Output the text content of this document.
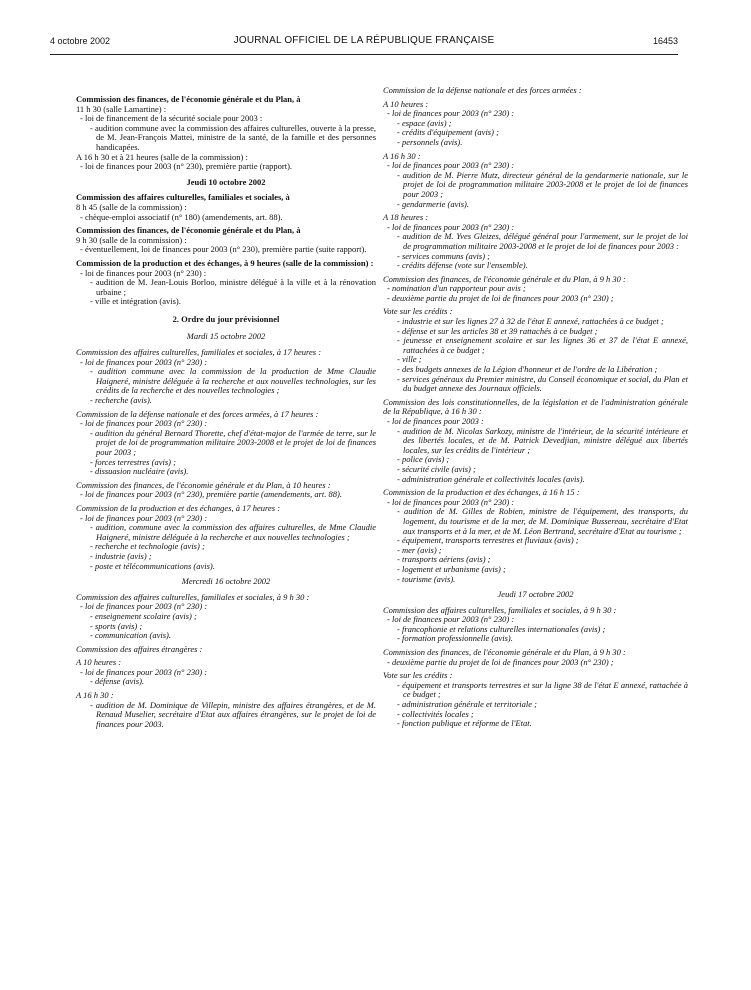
4 octobre 2002	JOURNAL OFFICIEL DE LA RÉPUBLIQUE FRANÇAISE	16453

Commission des finances, de l'économie générale et du Plan, à

11 h 30 (salle Lamartine) :

- loi de financement de la sécurité sociale pour 2003 :

- audition commune avec la commission des affaires culturelles, ouverte à la presse, de M. Jean-François Mattei, ministre de la santé, de la famille et des personnes handicapées.

A 16 h 30 et à 21 heures (salle de la commission) :

- loi de finances pour 2003 (n° 230), première partie (rapport).

Jeudi 10 octobre 2002

Commission des affaires culturelles, familiales et sociales, à

8 h 45 (salle de la commission) :

- chèque-emploi associatif (n° 180) (amendements, art. 88).

Commission des finances, de l'économie générale et du Plan, à

9 h 30 (salle de la commission) :

- éventuellement, loi de finances pour 2003 (n° 230), première partie (suite rapport).

Commission de la production et des échanges, à 9 heures (salle de la commission) :

- loi de finances pour 2003 (n° 230) :

- audition de M. Jean-Louis Borloo, ministre délégué à la ville et à la rénovation urbaine ;

- ville et intégration (avis).

2. Ordre du jour prévisionnel

Mardi 15 octobre 2002

Commission des affaires culturelles, familiales et sociales, à 17 heures :

- loi de finances pour 2003 (n° 230) :

- audition commune avec la commission de la production de Mme Claudie Haigneré, ministre déléguée à la recherche et aux nouvelles technologies, sur les crédits de la recherche et des nouvelles technologies ;

- recherche (avis).

Commission de la défense nationale et des forces armées, à 17 heures :

- loi de finances pour 2003 (n° 230) :

- audition du général Bernard Thorette, chef d'état-major de l'armée de terre, sur le projet de loi de programmation militaire 2003-2008 et le projet de loi de finances pour 2003 ;

- forces terrestres (avis) ;

- dissuasion nucléaire (avis).

Commission des finances, de l'économie générale et du Plan, à 10 heures :

- loi de finances pour 2003 (n° 230), première partie (amendements, art. 88).

Commission de la production et des échanges, à 17 heures :

- loi de finances pour 2003 (n° 230) :

- audition, commune avec la commission des affaires culturelles, de Mme Claudie Haigneré, ministre déléguée à la recherche et aux nouvelles technologies ;

- recherche et technologie (avis) ;

- industrie (avis) ;

- poste et télécommunications (avis).

Mercredi 16 octobre 2002

Commission des affaires culturelles, familiales et sociales, à 9 h 30 :

- loi de finances pour 2003 (n° 230) :

- enseignement scolaire (avis) ;

- sports (avis) ;

- communication (avis).

Commission des affaires étrangères :

A 10 heures :

- loi de finances pour 2003 (n° 230) :

- défense (avis).

A 16 h 30 :

- audition de M. Dominique de Villepin, ministre des affaires étrangères, et de M. Renaud Muselier, secrétaire d'Etat aux affaires étrangères, sur le projet de loi de finances pour 2003.

Commission de la défense nationale et des forces armées :

A 10 heures :

- loi de finances pour 2003 (n° 230) :

- espace (avis) ;

- crédits d'équipement (avis) ;

- personnels (avis).

A 16 h 30 :

- loi de finances pour 2003 (n° 230) :

- audition de M. Pierre Mutz, directeur général de la gendarmerie nationale, sur le projet de loi de programmation militaire 2003-2008 et le projet de loi de finances pour 2003 ;

- gendarmerie (avis).

A 18 heures :

- loi de finances pour 2003 (n° 230) :

- audition de M. Yves Gleizes, délégué général pour l'armement, sur le projet de loi de programmation militaire 2003-2008 et le projet de loi de finances pour 2003 :

- services communs (avis) ;

- crédits défense (vote sur l'ensemble).

Commission des finances, de l'économie générale et du Plan, à 9 h 30 :

- nomination d'un rapporteur pour avis ;

- deuxième partie du projet de loi de finances pour 2003 (n° 230) ;

Vote sur les crédits :

- industrie et sur les lignes 27 à 32 de l'état E annexé, rattachées à ce budget ;

- défense et sur les articles 38 et 39 rattachés à ce budget ;

- jeunesse et enseignement scolaire et sur les lignes 36 et 37 de l'état E annexé, rattachées à ce budget ;

- ville ;

- des budgets annexes de la Légion d'honneur et de l'ordre de la Libération ;

- services généraux du Premier ministre, du Conseil économique et social, du Plan et du budget annexe des Journaux officiels.

Commission des lois constitutionnelles, de la législation et de l'administration générale de la République, à 16 h 30 :

- loi de finances pour 2003 :

- audition de M. Nicolas Sarkozy, ministre de l'intérieur, de la sécurité intérieure et des libertés locales, et de M. Patrick Devedjian, ministre délégué aux libertés locales, sur les crédits de l'intérieur ;

- police (avis) ;

- sécurité civile (avis) ;

- administration générale et collectivités locales (avis).

Commission de la production et des échanges, à 16 h 15 :

- loi de finances pour 2003 (n° 230) :

- audition de M. Gilles de Robien, ministre de l'équipement, des transports, du logement, du tourisme et de la mer, de M. Dominique Bussereau, secrétaire d'Etat aux transports et à la mer, et de M. Léon Bertrand, secrétaire d'Etat au tourisme ;

- équipement, transports terrestres et fluviaux (avis) ;

- mer (avis) ;

- transports aériens (avis) ;

- logement et urbanisme (avis) ;

- tourisme (avis).

Jeudi 17 octobre 2002

Commission des affaires culturelles, familiales et sociales, à 9 h 30 :

- loi de finances pour 2003 (n° 230) :

- francophonie et relations culturelles internationales (avis) ;

- formation professionnelle (avis).

Commission des finances, de l'économie générale et du Plan, à 9 h 30 :

- deuxième partie du projet de loi de finances pour 2003 (n° 230) ;

Vote sur les crédits :

- équipement et transports terrestres et sur la ligne 38 de l'état E annexé, rattachée à ce budget ;

- administration générale et territoriale ;

- collectivités locales ;

- fonction publique et réforme de l'Etat.
